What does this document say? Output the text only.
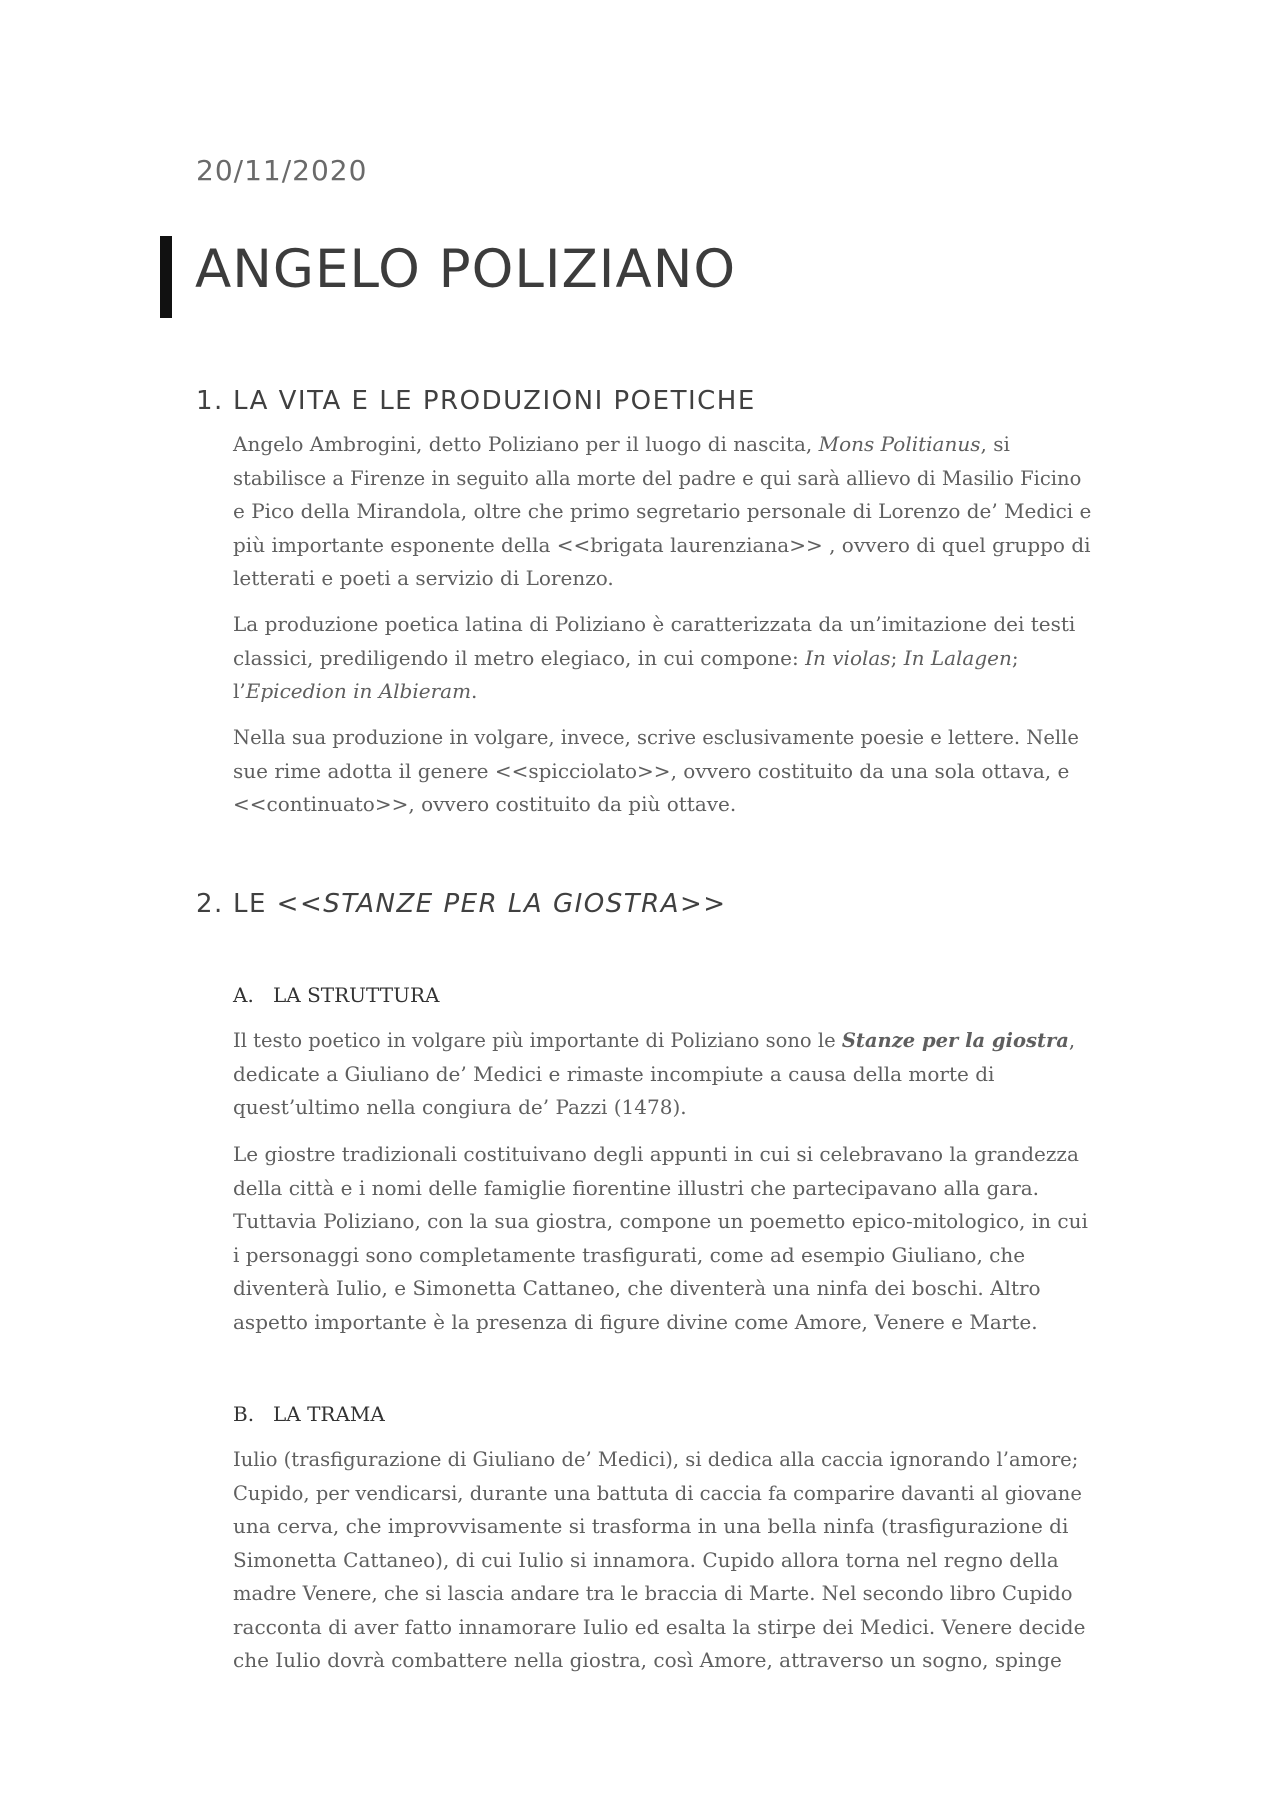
20/11/2020
ANGELO POLIZIANO
1. LA VITA E LE PRODUZIONI POETICHE
Angelo Ambrogini, detto Poliziano per il luogo di nascita, Mons Politianus, si
stabilisce a Firenze in seguito alla morte del padre e qui sarà allievo di Masilio Ficino
e Pico della Mirandola, oltre che primo segretario personale di Lorenzo de’ Medici e
più importante esponente della <<brigata laurenziana>> , ovvero di quel gruppo di
letterati e poeti a servizio di Lorenzo.
La produzione poetica latina di Poliziano è caratterizzata da un’imitazione dei testi
classici, prediligendo il metro elegiaco, in cui compone: In violas; In Lalagen;
l’Epicedion in Albieram.
Nella sua produzione in volgare, invece, scrive esclusivamente poesie e lettere. Nelle
sue rime adotta il genere <<spicciolato>>, ovvero costituito da una sola ottava, e
<<continuato>>, ovvero costituito da più ottave.
2. LE <<STANZE PER LA GIOSTRA>>
A. LA STRUTTURA
Il testo poetico in volgare più importante di Poliziano sono le Stanze per la giostra,
dedicate a Giuliano de’ Medici e rimaste incompiute a causa della morte di
quest’ultimo nella congiura de’ Pazzi (1478).
Le giostre tradizionali costituivano degli appunti in cui si celebravano la grandezza
della città e i nomi delle famiglie fiorentine illustri che partecipavano alla gara.
Tuttavia Poliziano, con la sua giostra, compone un poemetto epico-mitologico, in cui
i personaggi sono completamente trasfigurati, come ad esempio Giuliano, che
diventerà Iulio, e Simonetta Cattaneo, che diventerà una ninfa dei boschi. Altro
aspetto importante è la presenza di figure divine come Amore, Venere e Marte.
B. LA TRAMA
Iulio (trasfigurazione di Giuliano de’ Medici), si dedica alla caccia ignorando l’amore;
Cupido, per vendicarsi, durante una battuta di caccia fa comparire davanti al giovane
una cerva, che improvvisamente si trasforma in una bella ninfa (trasfigurazione di
Simonetta Cattaneo), di cui Iulio si innamora. Cupido allora torna nel regno della
madre Venere, che si lascia andare tra le braccia di Marte. Nel secondo libro Cupido
racconta di aver fatto innamorare Iulio ed esalta la stirpe dei Medici. Venere decide
che Iulio dovrà combattere nella giostra, così Amore, attraverso un sogno, spinge
